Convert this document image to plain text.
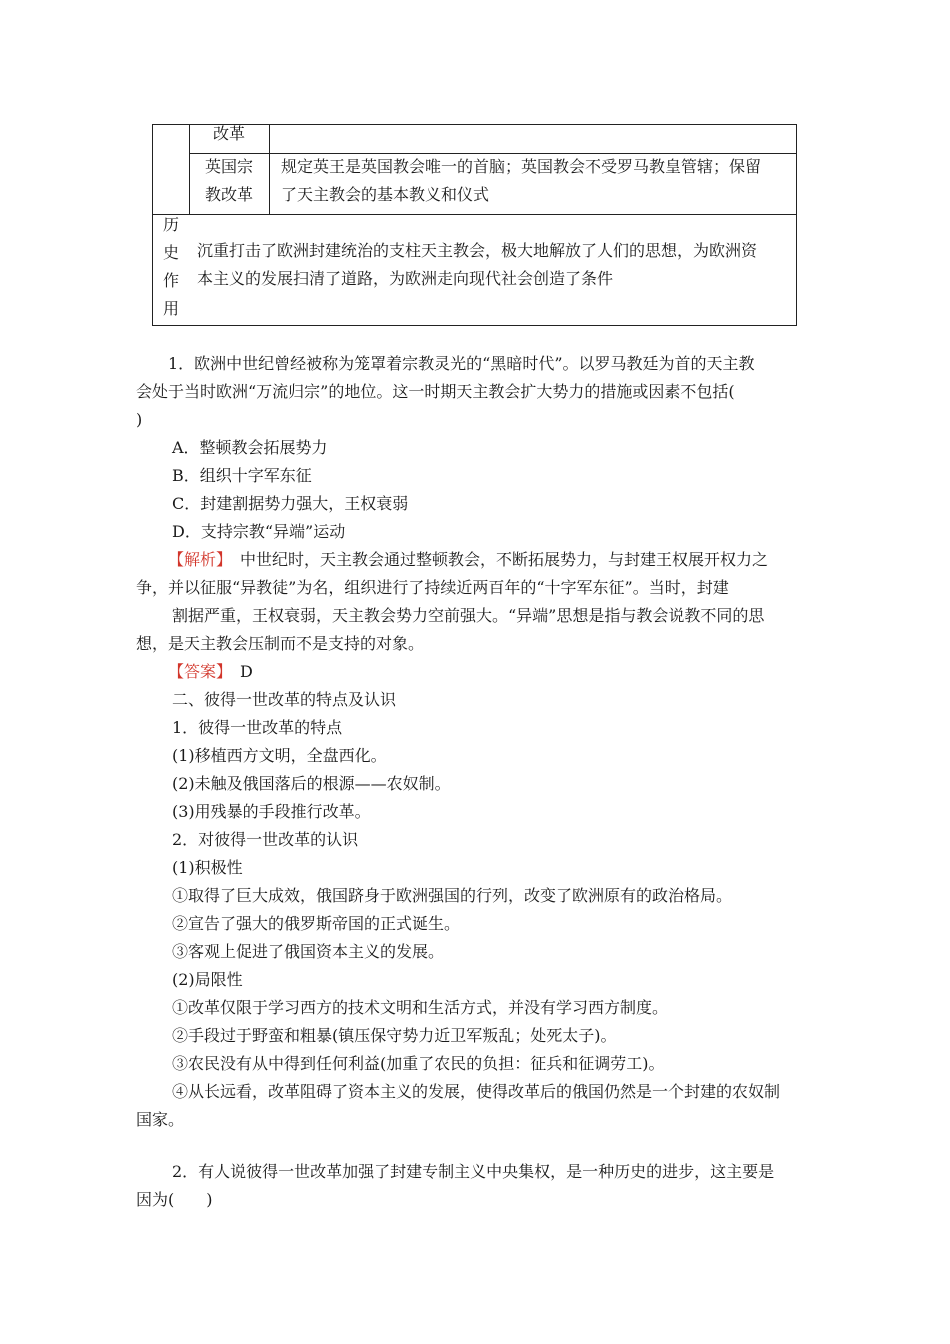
改革
英国宗
教改革
规定英王是英国教会唯一的首脑；英国教会不受罗马教皇管辖；保留
了天主教会的基本教义和仪式
历
史
作
用
沉重打击了欧洲封建统治的支柱天主教会，极大地解放了人们的思想，为欧洲资
本主义的发展扫清了道路，为欧洲走向现代社会创造了条件
1．欧洲中世纪曾经被称为笼罩着宗教灵光的“黑暗时代”。以罗马教廷为首的天主教
会处于当时欧洲“万流归宗”的地位。这一时期天主教会扩大势力的措施或因素不包括(
)
A．整顿教会拓展势力
B．组织十字军东征
C．封建割据势力强大，王权衰弱
D．支持宗教“异端”运动
【解析】　中世纪时，天主教会通过整顿教会，不断拓展势力，与封建王权展开权力之
争，并以征服“异教徒”为名，组织进行了持续近两百年的“十字军东征”。当时，封建
割据严重，王权衰弱，天主教会势力空前强大。“异端”思想是指与教会说教不同的思
想，是天主教会压制而不是支持的对象。
【答案】　D
二、彼得一世改革的特点及认识
1．彼得一世改革的特点
(1)移植西方文明，全盘西化。
(2)未触及俄国落后的根源——农奴制。
(3)用残暴的手段推行改革。
2．对彼得一世改革的认识
(1)积极性
①取得了巨大成效，俄国跻身于欧洲强国的行列，改变了欧洲原有的政治格局。
②宣告了强大的俄罗斯帝国的正式诞生。
③客观上促进了俄国资本主义的发展。
(2)局限性
①改革仅限于学习西方的技术文明和生活方式，并没有学习西方制度。
②手段过于野蛮和粗暴(镇压保守势力近卫军叛乱；处死太子)。
③农民没有从中得到任何利益(加重了农民的负担：征兵和征调劳工)。
④从长远看，改革阻碍了资本主义的发展，使得改革后的俄国仍然是一个封建的农奴制
国家。
2．有人说彼得一世改革加强了封建专制主义中央集权，是一种历史的进步，这主要是
因为(　　)
